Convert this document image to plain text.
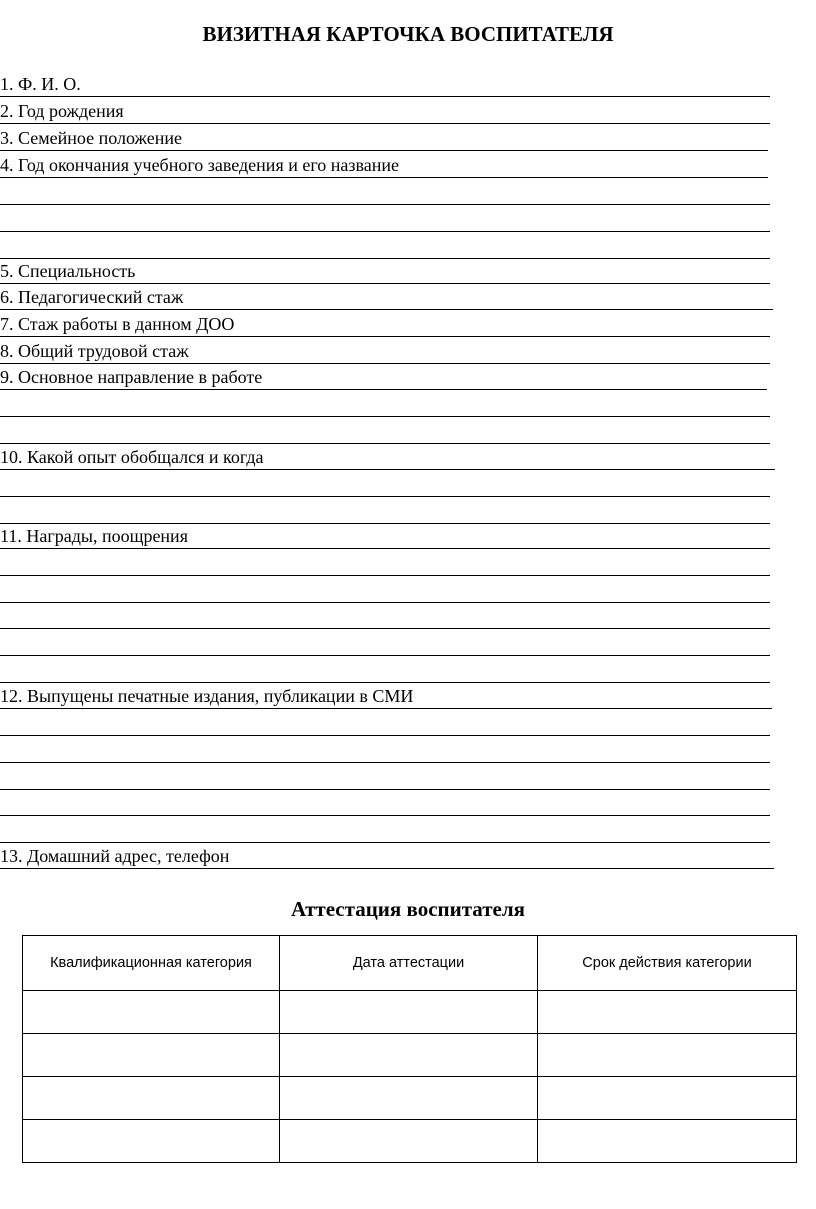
ВИЗИТНАЯ КАРТОЧКА ВОСПИТАТЕЛЯ
1. Ф. И. О.
2. Год рождения
3. Семейное положение
4. Год окончания учебного заведения и его название
5. Специальность
6. Педагогический стаж
7. Стаж работы в данном ДОО
8. Общий трудовой стаж
9. Основное направление в работе
10. Какой опыт обобщался и когда
11. Награды, поощрения
12. Выпущены печатные издания, публикации в СМИ
13. Домашний адрес, телефон
Аттестация воспитателя
Квалификационная категория	Дата аттестации	Срок действия категории
